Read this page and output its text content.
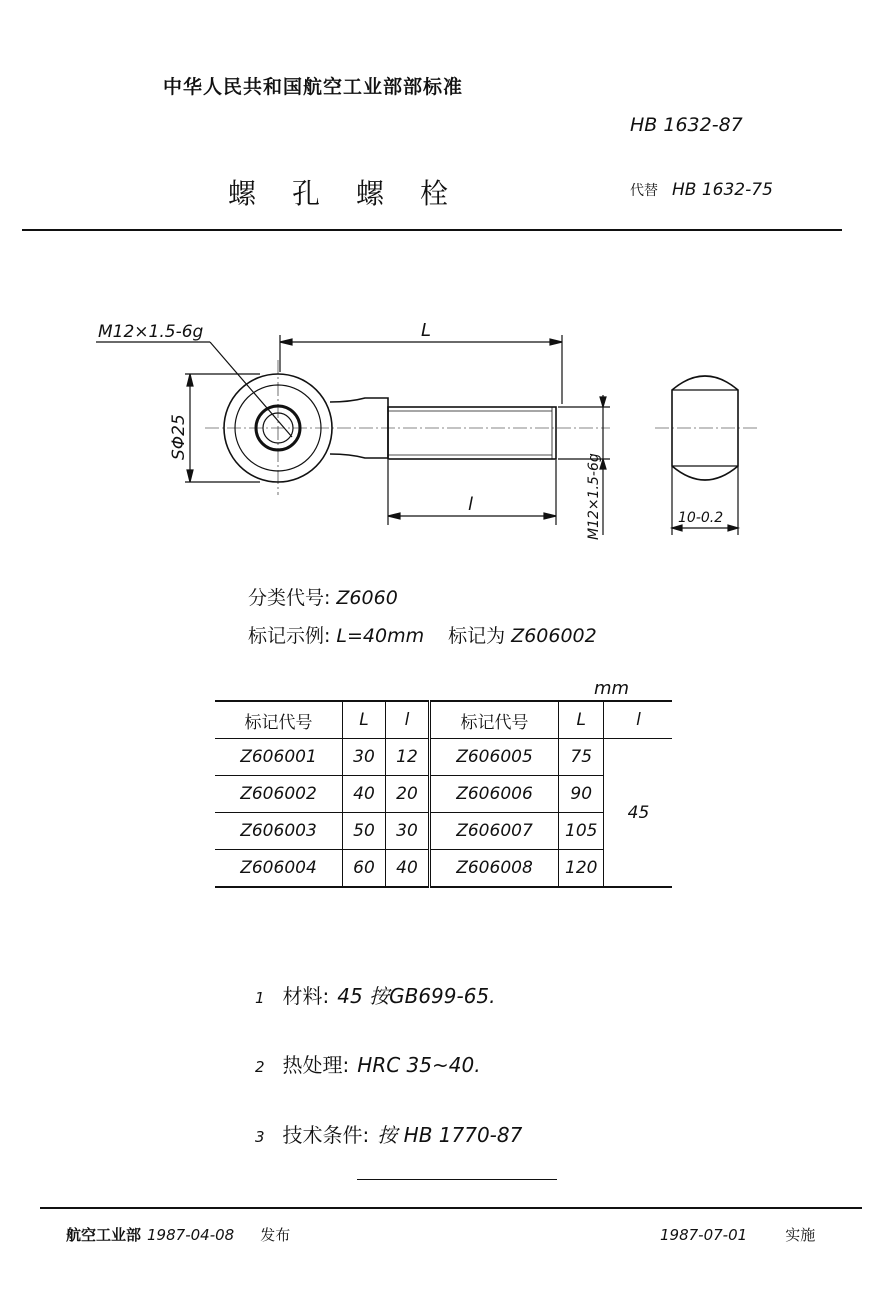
中华人民共和国航空工业部部标准
HB 1632-87
螺孔螺栓	代替 HB 1632-75
M12×1.5-6g	L
l
SΦ25
M12×1.5-6g	10-0.2
分类代号: Z6060
标记示例: L=40mm 标记为 Z606002
mm
标记代号	L	l	标记代号	L	l
Z606001	30	12	Z606005	75	45
Z606002	40	20	Z606006	90	
Z606003	50	30	Z606007	105	
Z606004	60	40	Z606008	120	
1 材料: 45 按GB699-65.
2 热处理: HRC 35~40.
3 技术条件: 按 HB 1770-87
航空工业部 1987-04-08 发布	1987-07-01	实施
